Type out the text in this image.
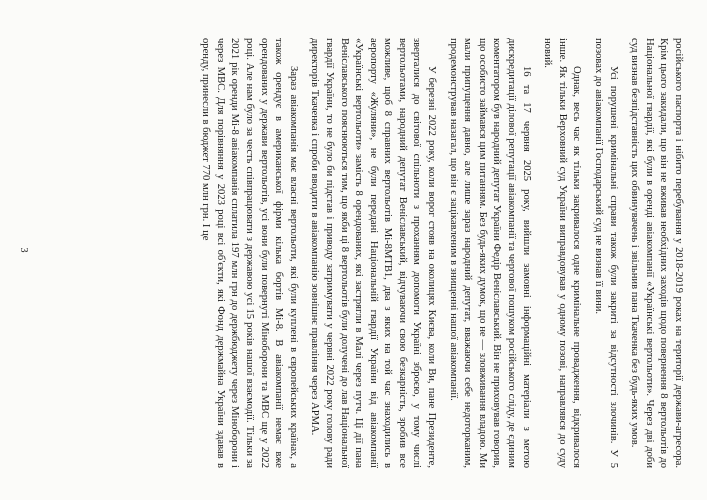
російського паспорта і нібито перебування у 2018-2019 роках на території держави-агресора. Крім цього закидали, що він не вживав необхідних заходів щодо повернення 8 вертольотів до Національної гвардії, які були в оренді авіакомпанії «Українські вертольоти». Через дві доби суд визнав безпідставність цих обвинувачень і звільнив пана Ткаченка без будь-яких умов.

Усі порушені кримінальні справи також були закриті за відсутності злочинів. У 5 позовах до авіакомпанії Господарський суд не визнав її вини.

Однак, весь час як тільки закривалося одне кримінальне провадження, відкривалося інше. Як тільки Верховний суд України виправдовував у одному позові, направлявся до суду новий.

16 та 17 червня 2025 року, вийшли замовні інформаційні матеріали з метою дискредитації ділової репутації авіакомпанії та чергової пошуком російського сліду, де єдиним коментатором був народний депутат України Федір Веніславський. Він не приховував говорив, що особисто займався цим питанням. Без будь-яких думок, що не — зловживання владою. Ми мали припущення давно, але лише зараз народний депутат, вважаючи себе недоторканим, продемонстрував назагал, що він є зацікавленим в знищенні нашої авіакомпанії.

У березні 2022 року, коли ворог стояв на околицях Києва, коли Ви, пане Президенте, зверталися до світової спільноти з проханням допомоги Україні зброєю, у тому числі вертольотами, народний депутат Веніславський, відчуваючи свою безкарність, зробив все можливе, щоб 8 справних вертольотів Мі-8МТВ1, два з яких на той час знаходились в аеропорту «Жуляни», не були передані Національній гвардії України від авіакомпанії «Українські вертольоти» замість 8 орендованих, які застрягли в Малі через путч. Ці дії пана Веніславського пояснюються тим, що якби ці 8 вертольотів були долучені до лав Національної гвардії України, то не було би підстав і приводу затримувати у червні 2022 року голову ради директорів Ткаченка і спроби вводити в авіакомпанію зовнішнє правління через АРМА.

Зараз авіакомпанія має власні вертольоти, які були куплені в європейських країнах, а також орендує в американської фірми кілька бортів Мі-8. В авіакомпанії немає вже орендованих у держави вертольотів, усі вони були повернуті Міноборони та МВС ще у 2022 році. Але нам було за честь співпрацювати з державою усі 15 років нашої взаємодії. Тільки за 2021 рік оренди Мі-8 авіакомпанія сплатила 197 млн грн до держбюджету через Міноборони і через МВС. Для порівняння у 2023 році всі об'єкти, які Фонд держмайна України здавав в оренду, принесли в бюджет 770 млн грн. І це

3
